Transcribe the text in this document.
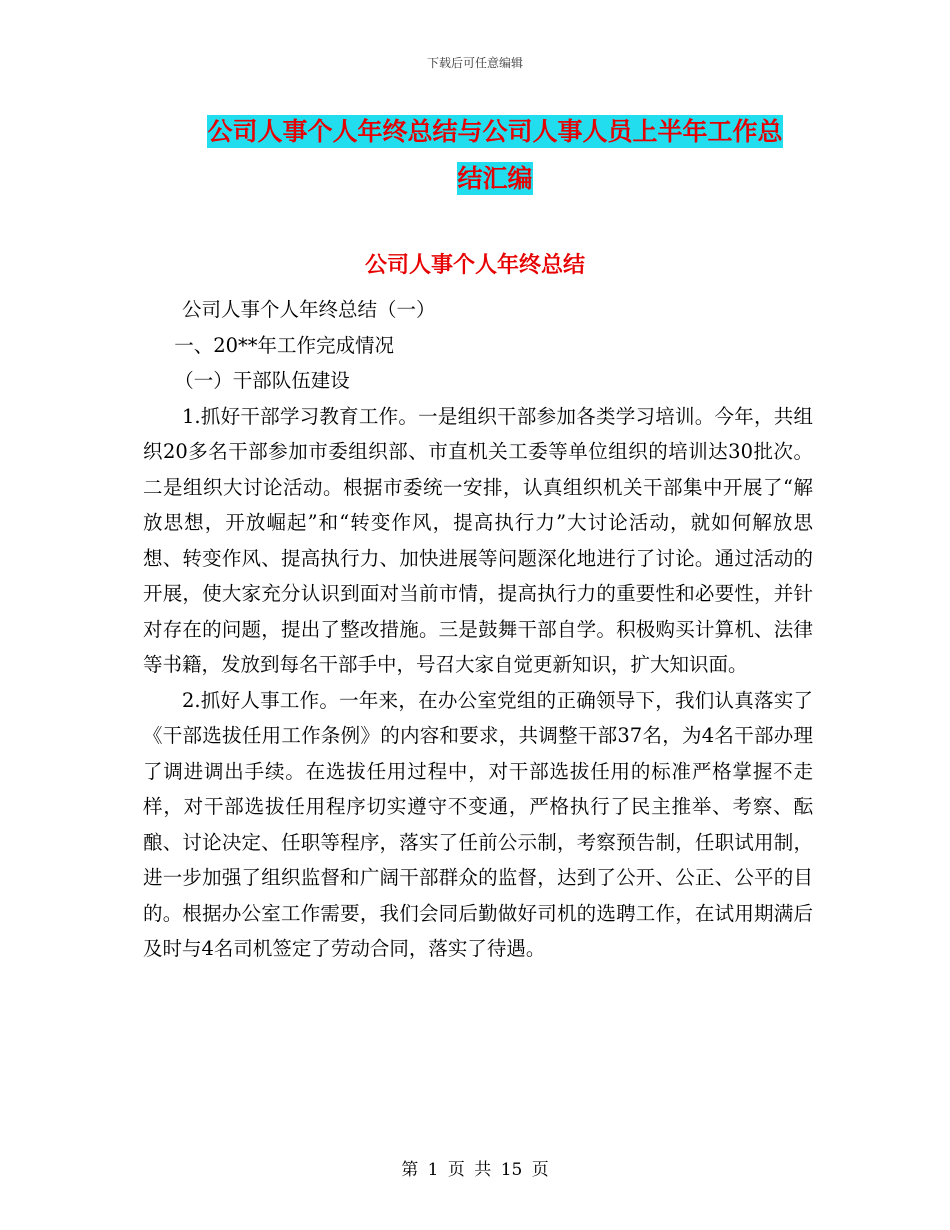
下载后可任意编辑
公司人事个人年终总结与公司人事人员上半年工作总
结汇编
公司人事个人年终总结

公司人事个人年终总结（一）

一、20**年工作完成情况

（一）干部队伍建设

1.抓好干部学习教育工作。一是组织干部参加各类学习培训。今年，共组织20多名干部参加市委组织部、市直机关工委等单位组织的培训达30批次。二是组织大讨论活动。根据市委统一安排，认真组织机关干部集中开展了“解放思想，开放崛起”和“转变作风，提高执行力”大讨论活动，就如何解放思想、转变作风、提高执行力、加快进展等问题深化地进行了讨论。通过活动的开展，使大家充分认识到面对当前市情，提高执行力的重要性和必要性，并针对存在的问题，提出了整改措施。三是鼓舞干部自学。积极购买计算机、法律等书籍，发放到每名干部手中，号召大家自觉更新知识，扩大知识面。

2.抓好人事工作。一年来，在办公室党组的正确领导下，我们认真落实了《干部选拔任用工作条例》的内容和要求，共调整干部37名，为4名干部办理了调进调出手续。在选拔任用过程中，对干部选拔任用的标准严格掌握不走样，对干部选拔任用程序切实遵守不变通，严格执行了民主推举、考察、酝酿、讨论决定、任职等程序，落实了任前公示制，考察预告制，任职试用制，进一步加强了组织监督和广阔干部群众的监督，达到了公开、公正、公平的目的。根据办公室工作需要，我们会同后勤做好司机的选聘工作，在试用期满后及时与4名司机签定了劳动合同，落实了待遇。

第 1 页 共 15 页
